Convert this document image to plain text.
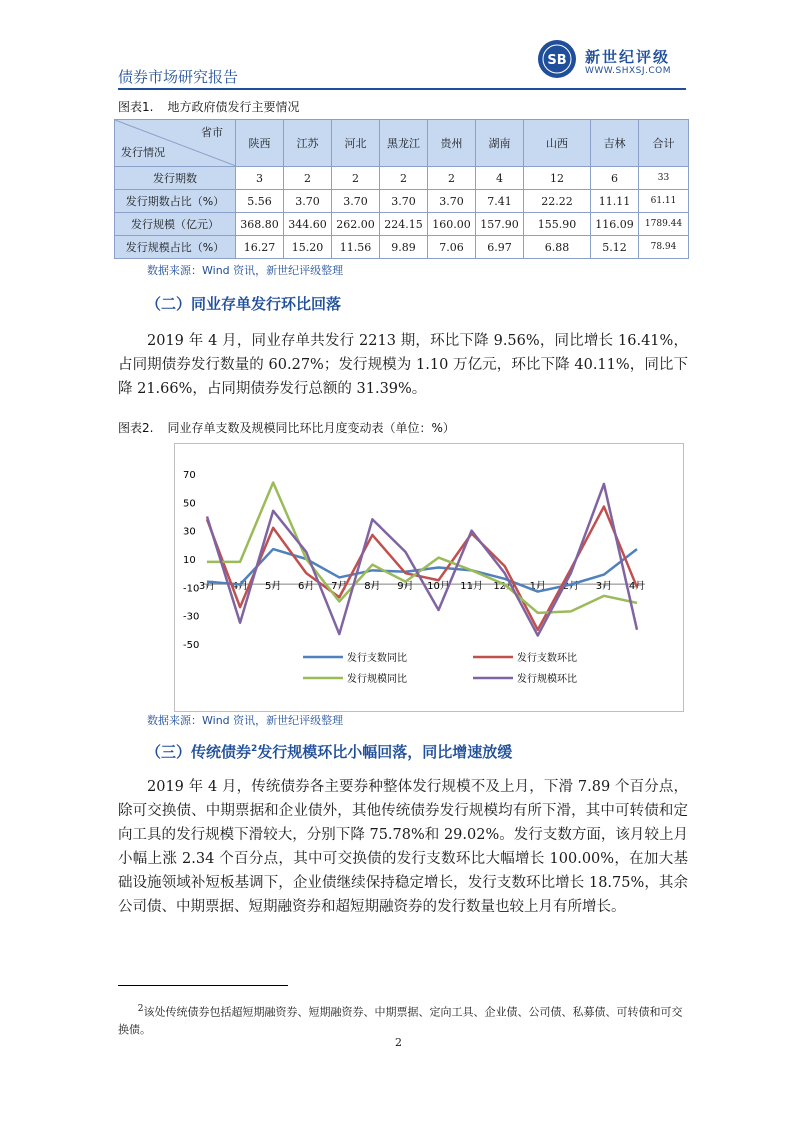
债券市场研究报告
SB 新世纪评级
WWW.SHXSJ.COM
图表1. 地方政府债发行主要情况
省市
发行情况	陕西	江苏	河北	黑龙江	贵州	湖南	山西	吉林	合计
发行期数	3	2	2	2	2	4	12	6	33
发行期数占比（%）	5.56	3.70	3.70	3.70	3.70	7.41	22.22	11.11	61.11
发行规模（亿元）	368.80	344.60	262.00	224.15	160.00	157.90	155.90	116.09	1789.44
发行规模占比（%）	16.27	15.20	11.56	9.89	7.06	6.97	6.88	5.12	78.94
数据来源：Wind 资讯，新世纪评级整理
（二）同业存单发行环比回落
2019 年 4 月，同业存单共发行 2213 期，环比下降 9.56%，同比增长 16.41%，占同期债券发行数量的 60.27%；发行规模为 1.10 万亿元，环比下降 40.11%，同比下降 21.66%，占同期债券发行总额的 31.39%。
图表2. 同业存单支数及规模同比环比月度变动表（单位：%）
70
50
30
10
-10
-30
-50
3月 4月 5月 6月 7月 8月 9月 10月 11月 12月 1月 2月 3月 4月
发行支数同比	发行支数环比
发行规模同比	发行规模环比
数据来源：Wind 资讯，新世纪评级整理
（三）传统债券$^2$发行规模环比小幅回落，同比增速放缓
2019 年 4 月，传统债券各主要券种整体发行规模不及上月，下滑 7.89 个百分点，除可交换债、中期票据和企业债外，其他传统债券发行规模均有所下滑，其中可转债和定向工具的发行规模下滑较大，分别下降 75.78%和 29.02%。发行支数方面，该月较上月小幅上涨 2.34 个百分点，其中可交换债的发行支数环比大幅增长 100.00%，在加大基础设施领域补短板基调下，企业债继续保持稳定增长，发行支数环比增长 18.75%，其余公司债、中期票据、短期融资券和超短期融资券的发行数量也较上月有所增长。
$^2$该处传统债券包括超短期融资券、短期融资券、中期票据、定向工具、企业债、公司债、私募债、可转债和可交换债。
2
